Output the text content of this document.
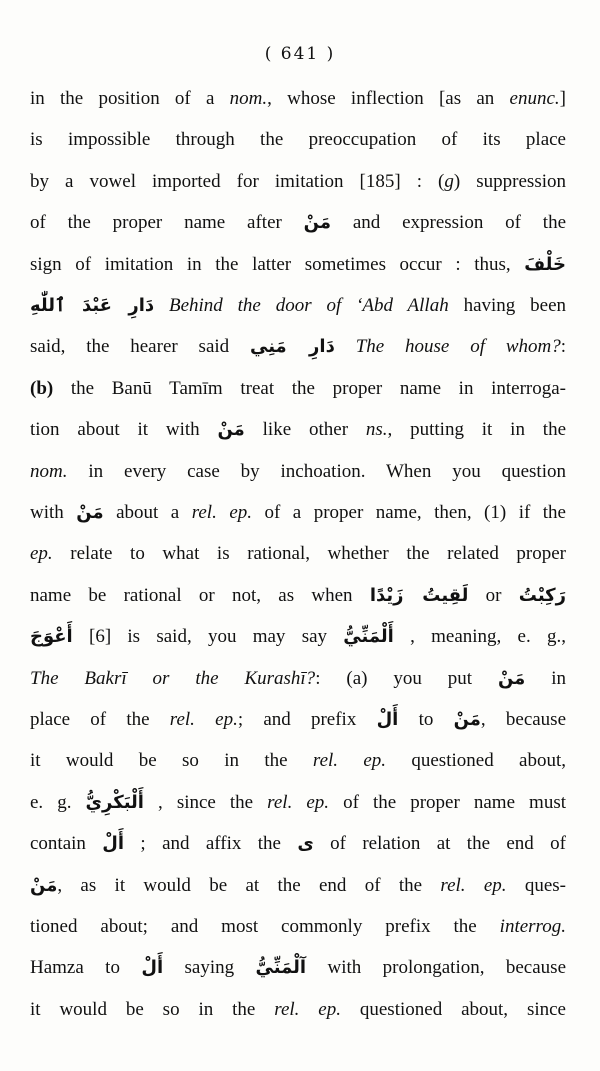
( 641 )
in the position of a nom., whose inflection [as an enunc.]
is impossible through the preoccupation of its place
by a vowel imported for imitation [185] : (g) suppression
of the proper name after مَنْ and expression of the
sign of imitation in the latter sometimes occur : thus, خَلْفَ
دَارِ عَبْدَ ٱللّٰهِ Behind the door of ‘Abd Allah having been
said, the hearer said دَارِ مَنِي The house of whom?:
(b) the Banū Tamīm treat the proper name in interroga-
tion about it with مَنْ like other ns., putting it in the
nom. in every case by inchoation. When you question
with مَنْ about a rel. ep. of a proper name, then, (1) if the
ep. relate to what is rational, whether the related proper
name be rational or not, as when لَقِيتُ زَيْدًا or رَكِبْتُ
أَعْوَجَ [6] is said, you may say أَلْمَنِّيُّ , meaning, e. g.,
The Bakrī or the Kurashī?: (a) you put مَنْ in
place of the rel. ep.; and prefix أَلْ to مَنْ, because
it would be so in the rel. ep. questioned about,
e. g. أَلْبَكْرِيُّ , since the rel. ep. of the proper name must
contain أَلْ ; and affix the ى of relation at the end of
مَنْ, as it would be at the end of the rel. ep. ques-
tioned about; and most commonly prefix the interrog.
Hamza to أَلْ saying آلْمَنِّيُّ with prolongation, because
it would be so in the rel. ep. questioned about, since
